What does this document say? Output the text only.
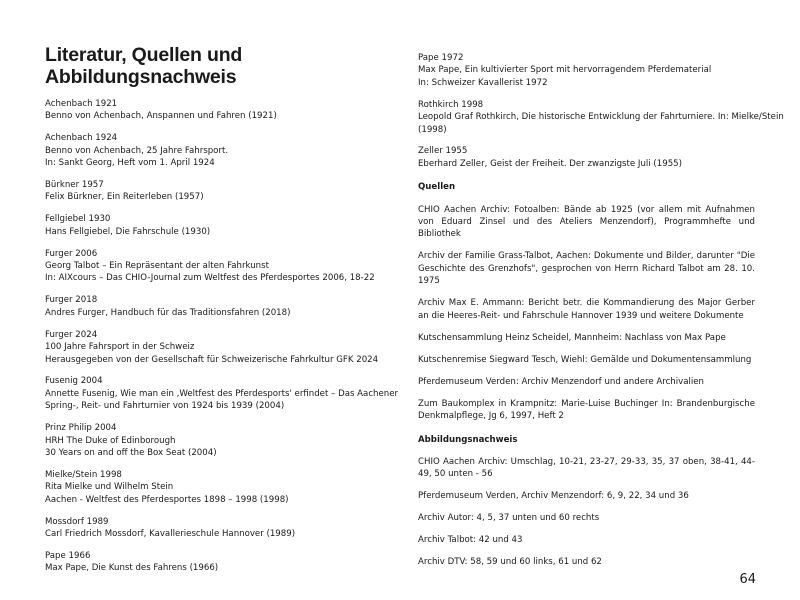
Literatur, Quellen und Abbildungsnachweis
Achenbach 1921
Benno von Achenbach, Anspannen und Fahren (1921)
Achenbach 1924
Benno von Achenbach, 25 Jahre Fahrsport.
In: Sankt Georg, Heft vom 1. April 1924
Bürkner 1957
Felix Bürkner, Ein Reiterleben (1957)
Fellgiebel 1930
Hans Fellgiebel, Die Fahrschule (1930)
Furger 2006
Georg Talbot – Ein Repräsentant der alten Fahrkunst
In: AIXcours – Das CHIO-Journal zum Weltfest des Pferdesportes 2006, 18-22
Furger 2018
Andres Furger, Handbuch für das Traditionsfahren (2018)
Furger 2024
100 Jahre Fahrsport in der Schweiz
Herausgegeben von der Gesellschaft für Schweizerische Fahrkultur GFK 2024
Fusenig 2004
Annette Fusenig, Wie man ein ‚Weltfest des Pferdesports' erfindet – Das Aachener
Spring-, Reit- und Fahrturnier von 1924 bis 1939 (2004)
Prinz Philip 2004
HRH The Duke of Edinborough
30 Years on and off the Box Seat (2004)
Mielke/Stein 1998
Rita Mielke und Wilhelm Stein
Aachen - Weltfest des Pferdesportes 1898 – 1998 (1998)
Mossdorf 1989
Carl Friedrich Mossdorf, Kavallerieschule Hannover (1989)
Pape 1966
Max Pape, Die Kunst des Fahrens (1966)
Pape 1972
Max Pape, Ein kultivierter Sport mit hervorragendem Pferdematerial
In: Schweizer Kavallerist 1972
Rothkirch 1998
Leopold Graf Rothkirch, Die historische Entwicklung der Fahrturniere. In: Mielke/Stein
(1998)
Zeller 1955
Eberhard Zeller, Geist der Freiheit. Der zwanzigste Juli (1955)
Quellen
CHIO Aachen Archiv: Fotoalben: Bände ab 1925 (vor allem mit Aufnahmen von Eduard Zinsel und des Ateliers Menzendorf), Programmhefte und Bibliothek
Archiv der Familie Grass-Talbot, Aachen: Dokumente und Bilder, darunter "Die Geschichte des Grenzhofs", gesprochen von Herrn Richard Talbot am 28. 10. 1975
Archiv Max E. Ammann: Bericht betr. die Kommandierung des Major Gerber an die Heeres-Reit- und Fahrschule Hannover 1939 und weitere Dokumente
Kutschensammlung Heinz Scheidel, Mannheim: Nachlass von Max Pape
Kutschenremise Siegward Tesch, Wiehl: Gemälde und Dokumentensammlung
Pferdemuseum Verden: Archiv Menzendorf und andere Archivalien
Zum Baukomplex in Krampnitz: Marie-Luise Buchinger In: Brandenburgische Denkmalpflege, Jg 6, 1997, Heft 2
Abbildungsnachweis
CHIO Aachen Archiv: Umschlag, 10-21, 23-27, 29-33, 35, 37 oben, 38-41, 44-49, 50 unten - 56
Pferdemuseum Verden, Archiv Menzendorf: 6, 9, 22, 34 und 36
Archiv Autor: 4, 5, 37 unten und 60 rechts
Archiv Talbot: 42 und 43
Archiv DTV: 58, 59 und 60 links, 61 und 62
64
